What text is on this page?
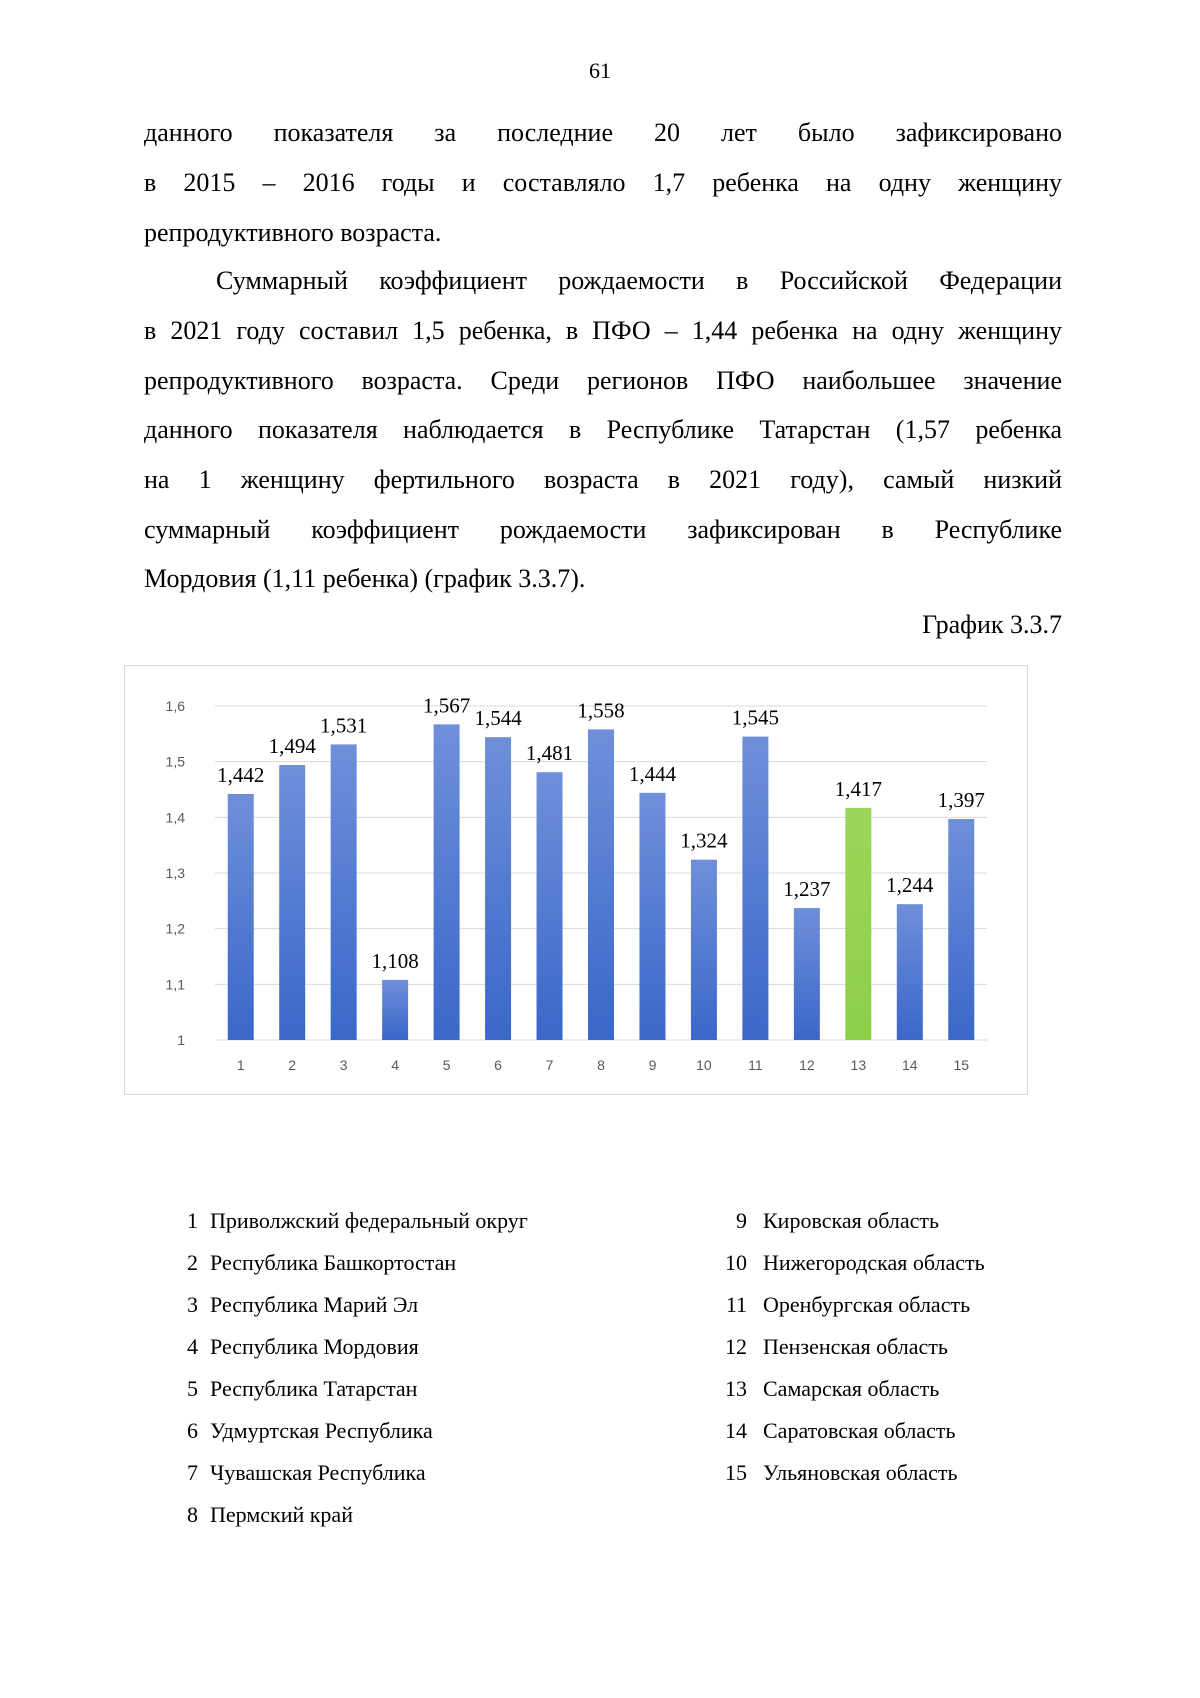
61
данного показателя за последние 20 лет было зафиксировано
в 2015 – 2016 годы и составляло 1,7 ребенка на одну женщину
репродуктивного возраста.
Суммарный коэффициент рождаемости в Российской Федерации
в 2021 году составил 1,5 ребенка, в ПФО – 1,44 ребенка на одну женщину
репродуктивного возраста. Среди регионов ПФО наибольшее значение
данного показателя наблюдается в Республике Татарстан (1,57 ребенка
на 1 женщину фертильного возраста в 2021 году), самый низкий
суммарный коэффициент рождаемости зафиксирован в Республике
Мордовия (1,11 ребенка) (график 3.3.7).
График 3.3.7
1
1,1
1,2
1,3
1,4
1,5
1,6
1,442
1
1,494
2
1,531
3
1,108
4
1,567
5
1,544
6
1,481
7
1,558
8
1,444
9
1,324
10
1,545
11
1,237
12
1,417
13
1,244
14
1,397
15
1 Приволжский федеральный округ
2 Республика Башкортостан
3 Республика Марий Эл
4 Республика Мордовия
5 Республика Татарстан
6 Удмуртская Республика
7 Чувашская Республика
8 Пермский край
9 Кировская область
10 Нижегородская область
11 Оренбургская область
12 Пензенская область
13 Самарская область
14 Саратовская область
15 Ульяновская область
